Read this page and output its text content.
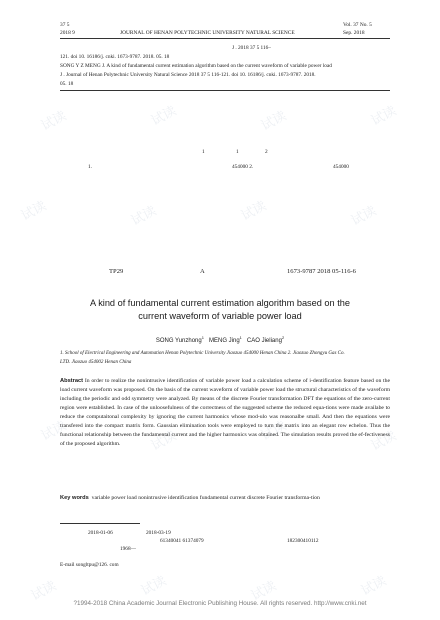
试读	试读	试读	试读
试读	试读	试读	试读
试读	试读	试读	试读
试读	试读	试读	试读
37 5
2018 9	JOURNAL OF HENAN POLYTECHNIC UNIVERSITY NATURAL SCIENCE
Vol. 37 No. 5
Sep. 2018
J . 2018 37 5 116–
121. doi 10. 16186/j. cnki. 1673-9787. 2018. 05. 18
SONG Y Z MENG J. A kind of fundamental current estimation algorithm based on the current waveform of variable power load
J . Journal of Henan Polytechnic University Natural Science 2018 37 5 116-121. doi 10. 16186/j. cnki. 1673-9787. 2018.
05. 18
1	1	2
1.	454000 2.	454000
TP29	A	1673-9787 2018 05-116-6
A kind of fundamental current estimation algorithm based on the current waveform of variable power load
SONG Yunzhong$^1$   MENG Jing$^1$   CAO Jieliang$^2$
1. School of Electrical Engineering and Automation Henan Polytechnic University Jiaozuo 454000 Henan China 2. Jiaozuo Zhongyu Gas Co.
LTD. Jiaozuo 454002 Henan China
Abstract In order to realize the nonintrusive identification of variable power load a calculation scheme of i-dentification feature based on the load current waveform was proposed. On the basis of the current waveform of variable power load the structural characteristics of the waveform including the periodic and odd symmetry were analyzed. By means of the discrete Fourier transformation DFT the equations of the zero-current region were established. In case of the unloosefulness of the correctness of the suggested scheme the reduced equa-tions were made availabe to reduce the computaitonal complexity by ignoring the current harmonics whose mod-ulo was reasonalbe small. And then the equations were transfered into the compact matrix form. Gaussian elimination tools were employed to turn the matrix into an elegant row echelon. Thus the functional relationship between the fundamental current and the higher harmonics was obtained. The simulation results proved the ef-fectiveness of the proposed algorithm.
Key words variable power load nonintrusive identification fundamental current discrete Fourier transforma-tion
2018-01-06	2018-03-19
61340041 61374079	182300410112
1968—
E-mail songltpu@126. com
?1994-2018 China Academic Journal Electronic Publishing House. All rights reserved. http://www.cnki.net
